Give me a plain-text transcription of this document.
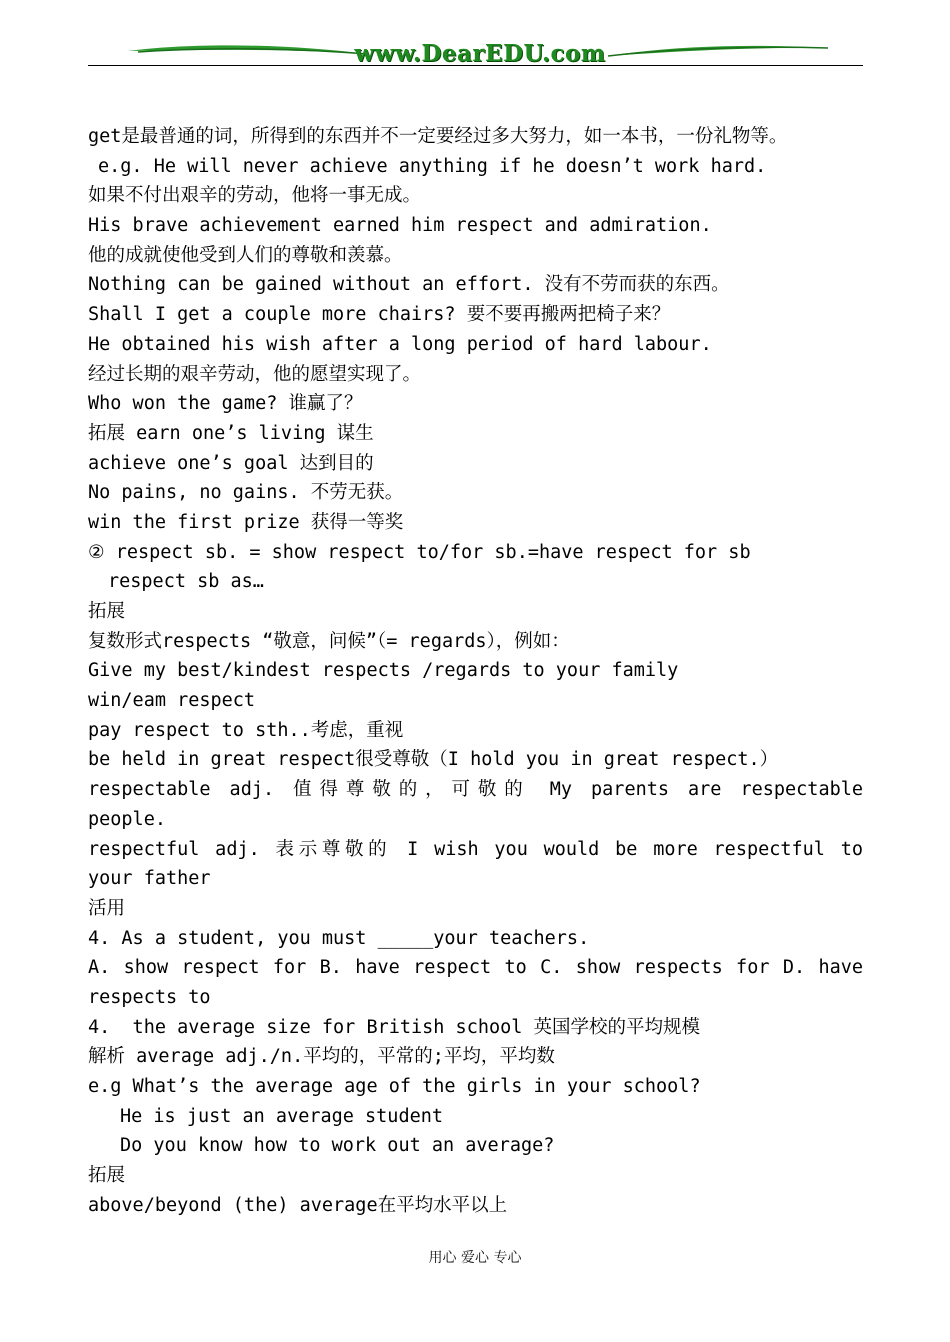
www.DearEDU.com
get是最普通的词，所得到的东西并不一定要经过多大努力，如一本书，一份礼物等。
e.g. He will never achieve anything if he doesn’t work hard.
如果不付出艰辛的劳动，他将一事无成。
His brave achievement earned him respect and admiration.
他的成就使他受到人们的尊敬和羡慕。
Nothing can be gained without an effort. 没有不劳而获的东西。
Shall I get a couple more chairs? 要不要再搬两把椅子来？
He obtained his wish after a long period of hard labour.
经过长期的艰辛劳动，他的愿望实现了。
Who won the game? 谁赢了？
拓展 earn one’s living 谋生
achieve one’s goal 达到目的
No pains, no gains. 不劳无获。
win the first prize 获得一等奖
② respect sb. = show respect to/for sb.=have respect for sb
respect sb as…
拓展
复数形式respects “敬意，问候”（= regards），例如：
Give my best/kindest respects /regards to your family
win/eam respect
pay respect to sth..考虑，重视
be held in great respect很受尊敬（I hold you in great respect.）
respectable adj. 值得尊敬的，可敬的 My parents are respectable
people.
respectful adj. 表示尊敬的 I wish you would be more respectful to
your father
活用
4. As a student, you must _____your teachers.
A. show respect for B. have respect to C. show respects for D. have
respects to
4.  the average size for British school 英国学校的平均规模
解析 average adj./n.平均的，平常的;平均，平均数
e.g What’s the average age of the girls in your school?
He is just an average student
Do you know how to work out an average?
拓展
above/beyond (the) average在平均水平以上
用心 爱心 专心
